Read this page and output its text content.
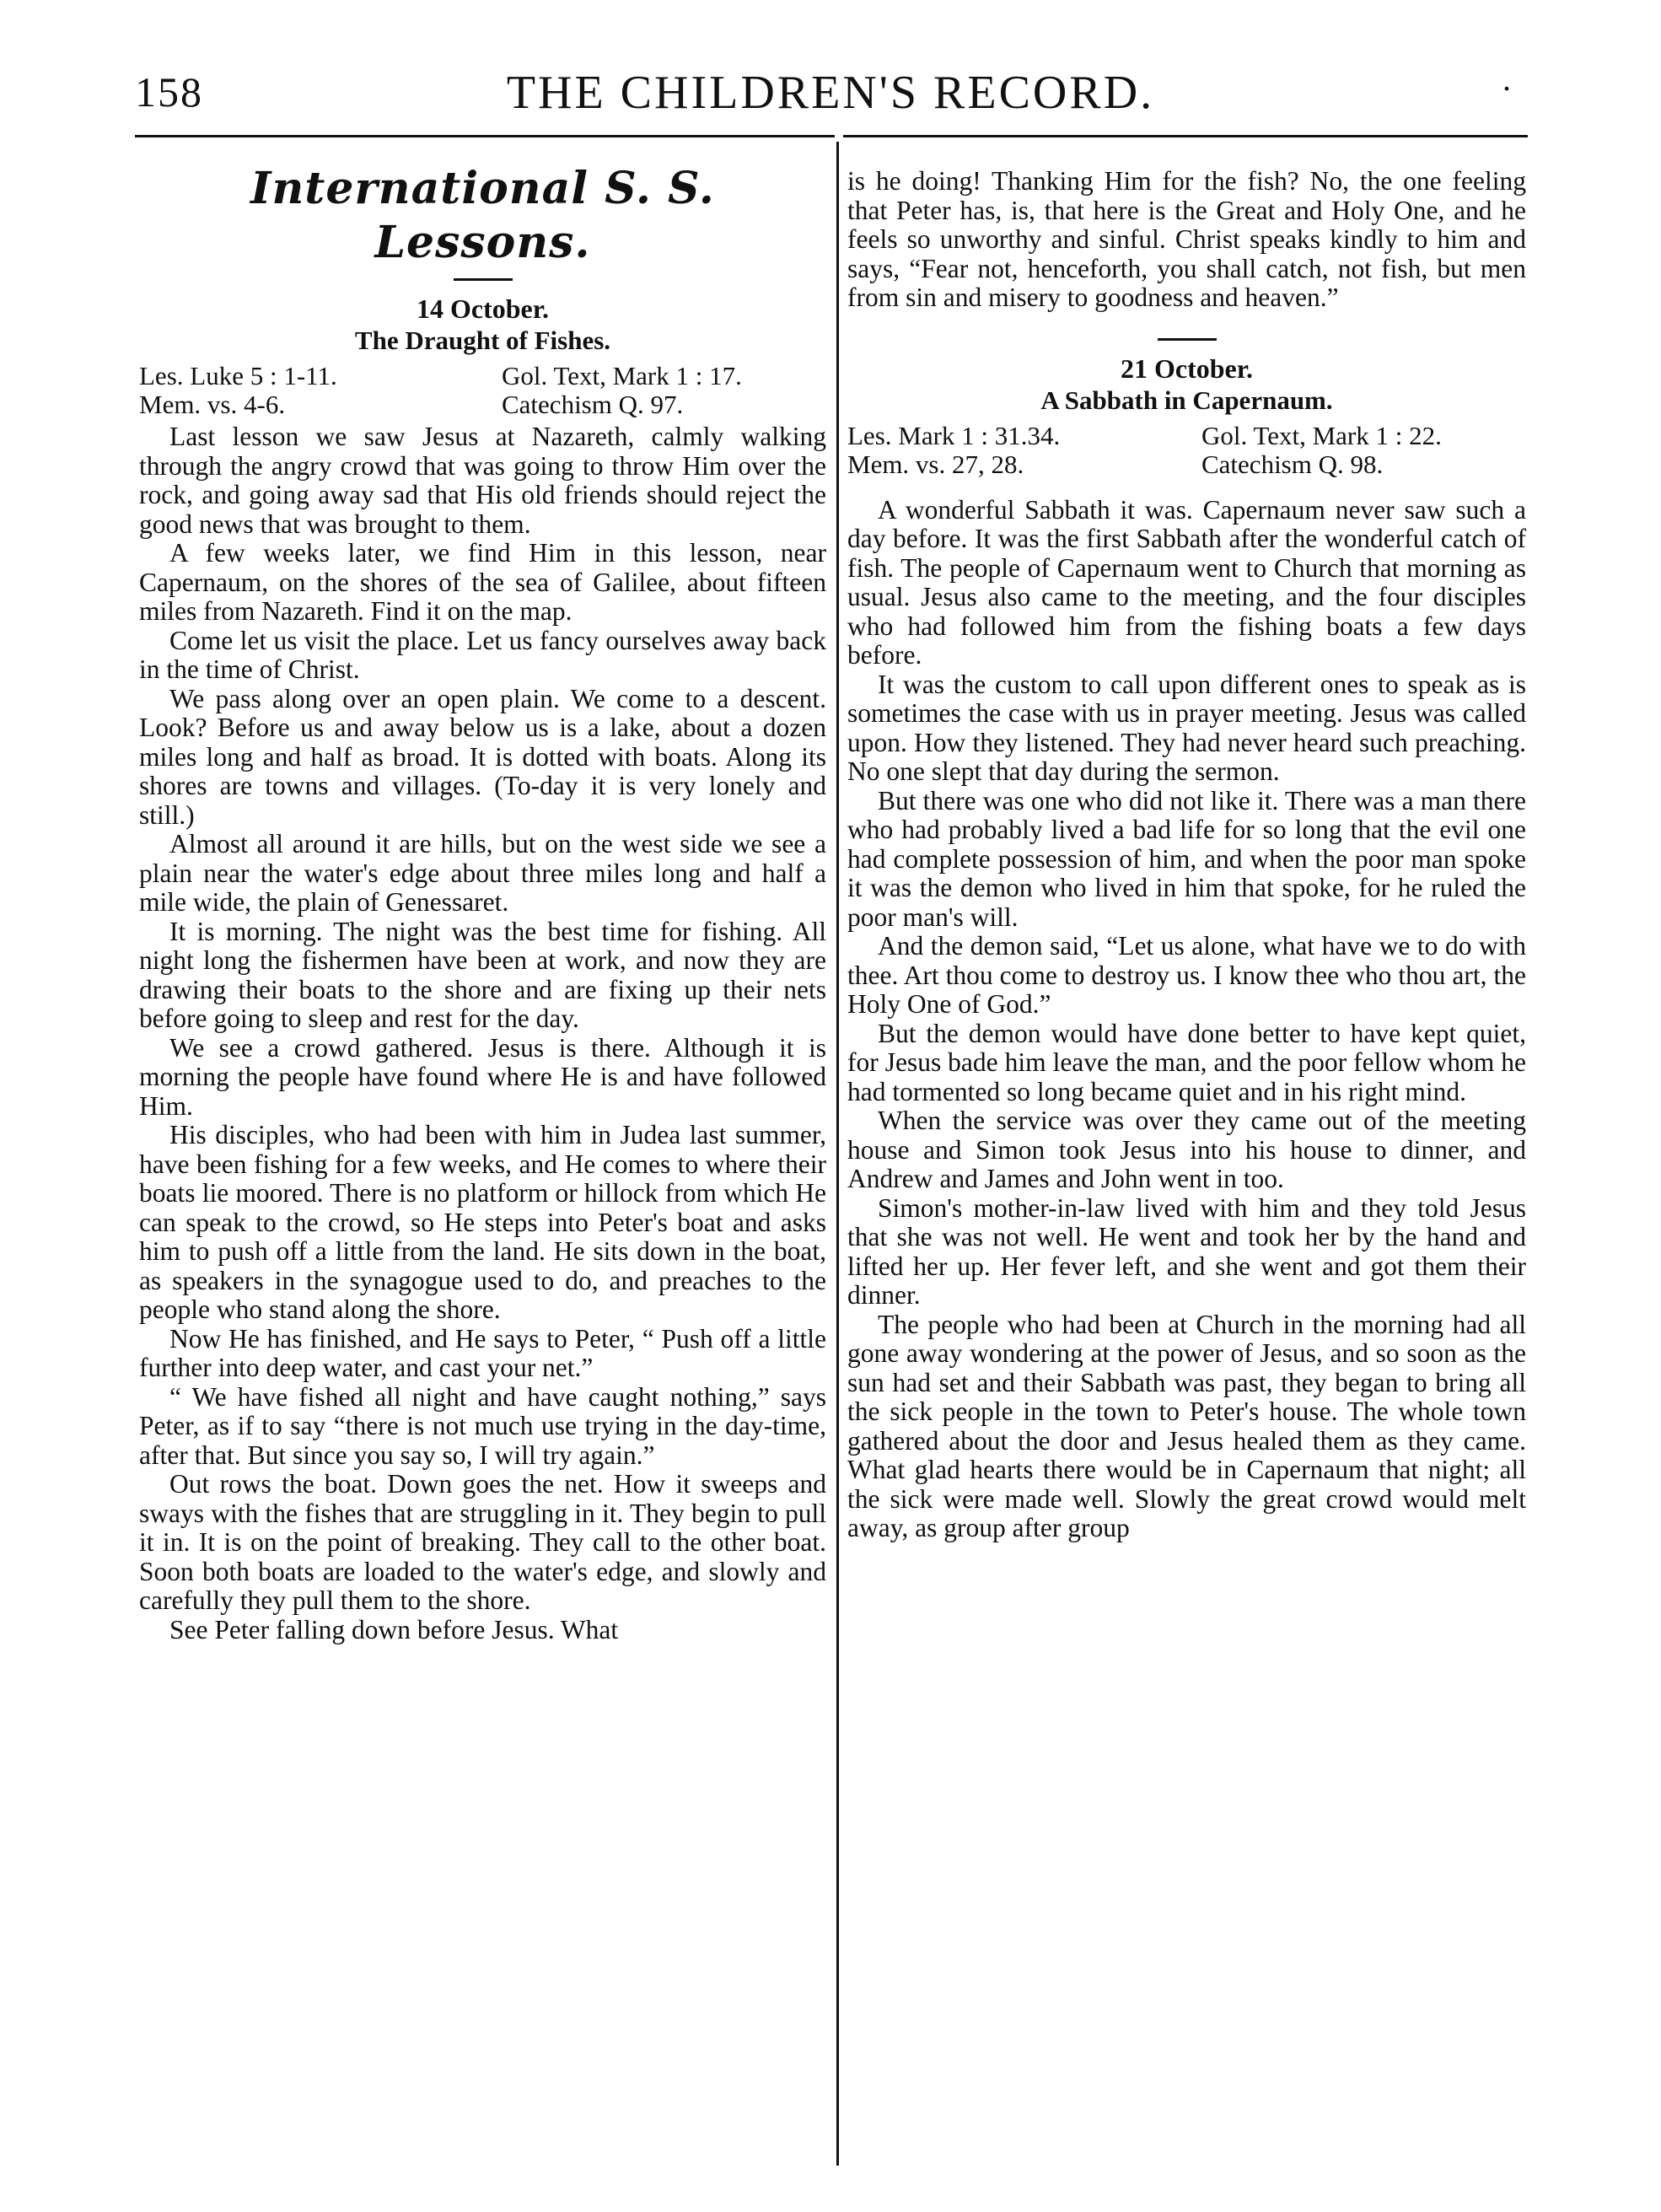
158	THE CHILDREN'S RECORD.	.
International S. S. Lessons.
14 October.
The Draught of Fishes.
Les. Luke 5 : 1-11.	Gol. Text, Mark 1 : 17.
Mem. vs. 4-6.	Catechism Q. 97.

Last lesson we saw Jesus at Nazareth, calmly walking through the angry crowd that was going to throw Him over the rock, and going away sad that His old friends should reject the good news that was brought to them.

A few weeks later, we find Him in this lesson, near Capernaum, on the shores of the sea of Galilee, about fifteen miles from Nazareth. Find it on the map.

Come let us visit the place. Let us fancy ourselves away back in the time of Christ.

We pass along over an open plain. We come to a descent. Look? Before us and away below us is a lake, about a dozen miles long and half as broad. It is dotted with boats. Along its shores are towns and villages. (To-day it is very lonely and still.)

Almost all around it are hills, but on the west side we see a plain near the water's edge about three miles long and half a mile wide, the plain of Genessaret.

It is morning. The night was the best time for fishing. All night long the fishermen have been at work, and now they are drawing their boats to the shore and are fixing up their nets before going to sleep and rest for the day.

We see a crowd gathered. Jesus is there. Although it is morning the people have found where He is and have followed Him.

His disciples, who had been with him in Judea last summer, have been fishing for a few weeks, and He comes to where their boats lie moored. There is no platform or hillock from which He can speak to the crowd, so He steps into Peter's boat and asks him to push off a little from the land. He sits down in the boat, as speakers in the synagogue used to do, and preaches to the people who stand along the shore.

Now He has finished, and He says to Peter, “ Push off a little further into deep water, and cast your net.”

“ We have fished all night and have caught nothing,” says Peter, as if to say “there is not much use trying in the day-time, after that. But since you say so, I will try again.”

Out rows the boat. Down goes the net. How it sweeps and sways with the fishes that are struggling in it. They begin to pull it in. It is on the point of breaking. They call to the other boat. Soon both boats are loaded to the water's edge, and slowly and carefully they pull them to the shore.

See Peter falling down before Jesus. What

is he doing! Thanking Him for the fish? No, the one feeling that Peter has, is, that here is the Great and Holy One, and he feels so unworthy and sinful. Christ speaks kindly to him and says, “Fear not, henceforth, you shall catch, not fish, but men from sin and misery to goodness and heaven.”

21 October.
A Sabbath in Capernaum.
Les. Mark 1 : 31.34.	Gol. Text, Mark 1 : 22.
Mem. vs. 27, 28.	Catechism Q. 98.

A wonderful Sabbath it was. Capernaum never saw such a day before. It was the first Sabbath after the wonderful catch of fish. The people of Capernaum went to Church that morning as usual. Jesus also came to the meeting, and the four disciples who had followed him from the fishing boats a few days before.

It was the custom to call upon different ones to speak as is sometimes the case with us in prayer meeting. Jesus was called upon. How they listened. They had never heard such preaching. No one slept that day during the sermon.

But there was one who did not like it. There was a man there who had probably lived a bad life for so long that the evil one had complete possession of him, and when the poor man spoke it was the demon who lived in him that spoke, for he ruled the poor man's will.

And the demon said, “Let us alone, what have we to do with thee. Art thou come to destroy us. I know thee who thou art, the Holy One of God.”

But the demon would have done better to have kept quiet, for Jesus bade him leave the man, and the poor fellow whom he had tormented so long became quiet and in his right mind.

When the service was over they came out of the meeting house and Simon took Jesus into his house to dinner, and Andrew and James and John went in too.

Simon's mother-in-law lived with him and they told Jesus that she was not well. He went and took her by the hand and lifted her up. Her fever left, and she went and got them their dinner.

The people who had been at Church in the morning had all gone away wondering at the power of Jesus, and so soon as the sun had set and their Sabbath was past, they began to bring all the sick people in the town to Peter's house. The whole town gathered about the door and Jesus healed them as they came. What glad hearts there would be in Capernaum that night; all the sick were made well. Slowly the great crowd would melt away, as group after group
